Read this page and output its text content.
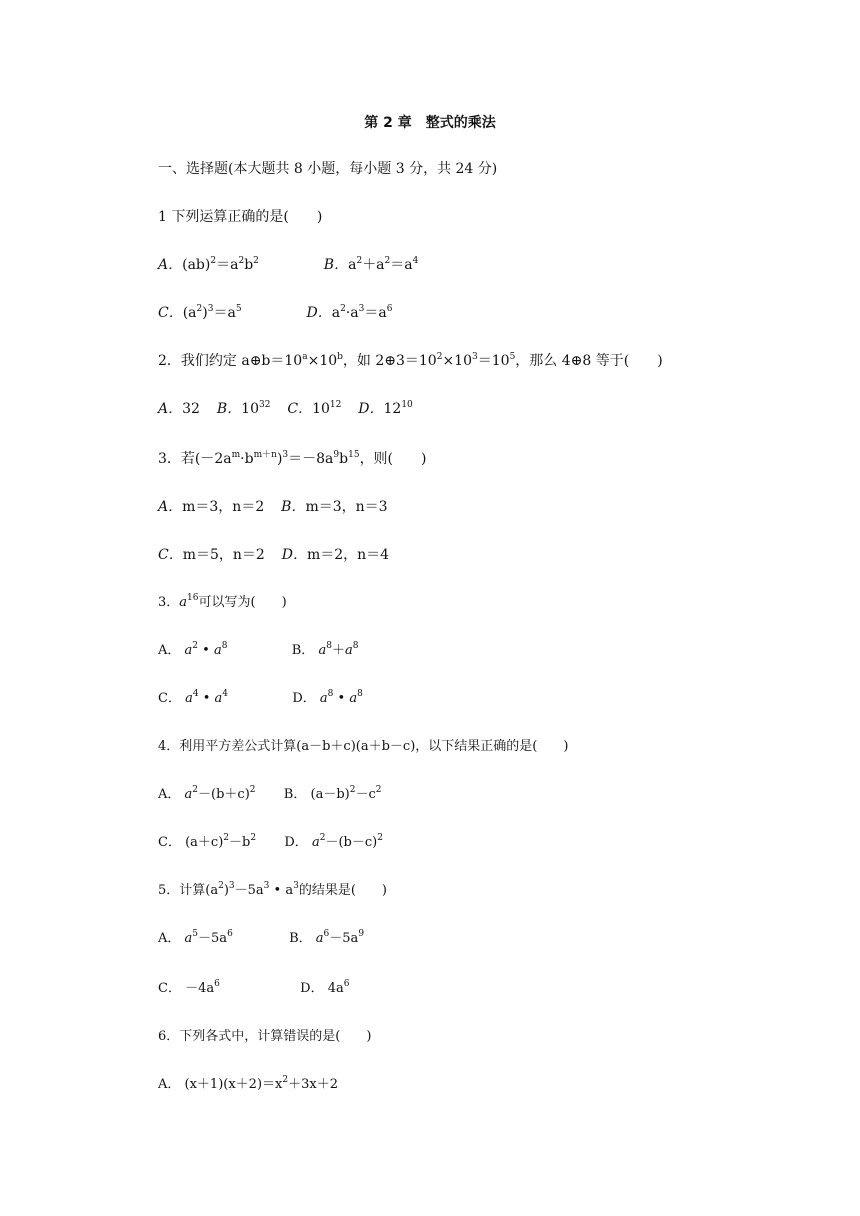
第 2 章　整式的乘法
一、选择题(本大题共 8 小题，每小题 3 分，共 24 分)
1 下列运算正确的是(　　)
A．$(ab)^2=a^2b^2$	B．$a^2+a^2=a^4$
C．$(a^2)^3=a^5$	D．$a^2\cdot a^3=a^6$
2．我们约定 $a\oplus b=10^a\times 10^b$，如 $2\oplus 3=10^2\times 10^3=10^5$，那么 4⊕8 等于(　　)
A．32 B．$10^{32}$ C．$10^{12}$ D．$12^{10}$
3．若$(-2a^m\cdot b^{m+n})^3=-8a^9b^{15}$，则(　　)
A．m＝3，n＝2 B．m＝3，n＝3
C．m＝5，n＝2 D．m＝2，n＝4
3．$a^{16}$可以写为(　　)
A． $a^2$ • $a^8$	B． $a^8+a^8$
C． $a^4$ • $a^4$	D． $a^8$ • $a^8$
4．利用平方差公式计算(a－b＋c)(a＋b－c)，以下结果正确的是(　　)
A． $a^2-(b+c)^2$ B． $(a-b)^2-c^2$
C． $(a+c)^2-b^2$ D． $a^2-(b-c)^2$
5．计算$(a^2)^3-5a^3$ • $a^3$的结果是(　　)
A． $a^5-5a^6$	B． $a^6-5a^9$
C． $-4a^6$	D． $4a^6$
6．下列各式中，计算错误的是(　　)
A． $(x+1)(x+2)=x^2+3x+2$
